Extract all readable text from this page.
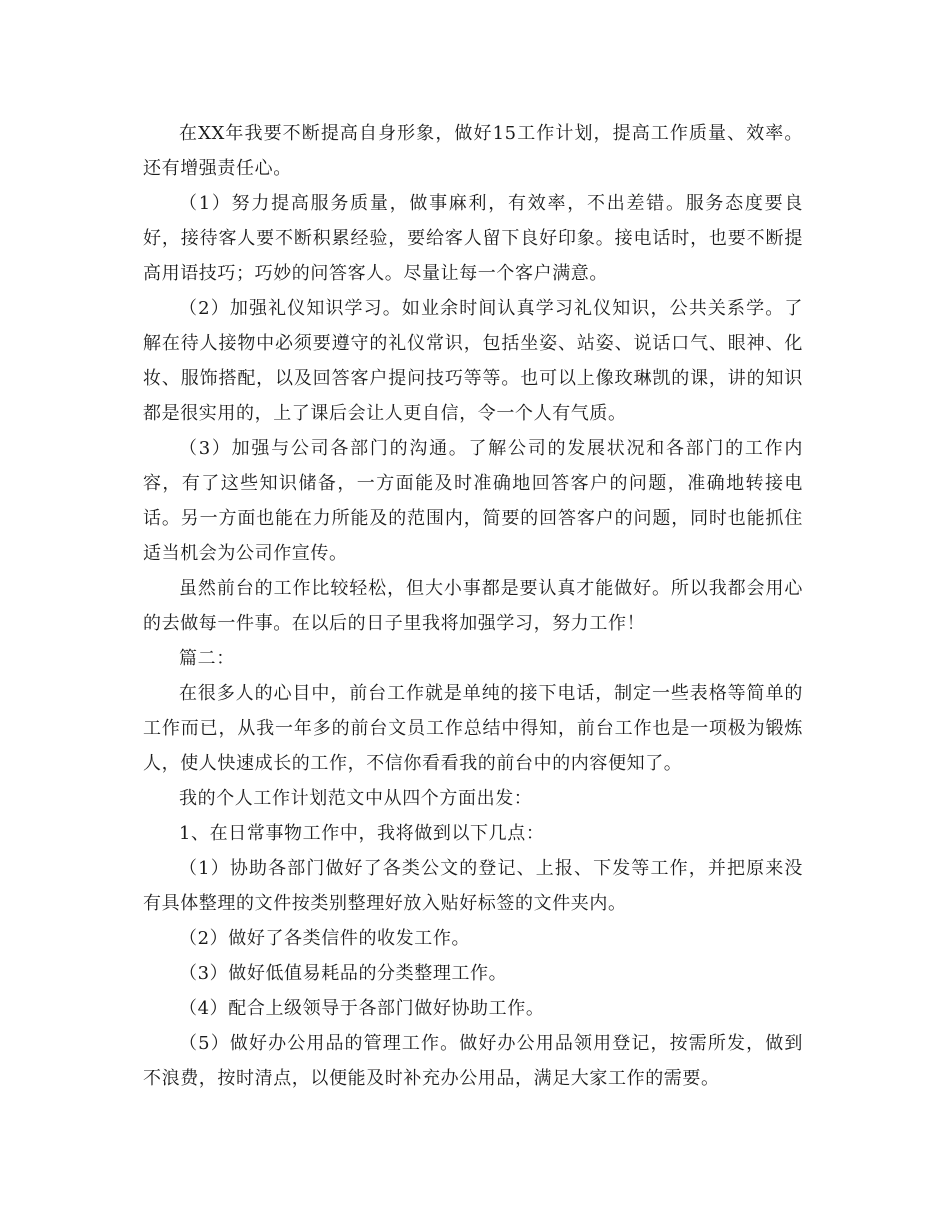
在XX年我要不断提高自身形象，做好15工作计划，提高工作质量、效率。还有增强责任心。

（1）努力提高服务质量，做事麻利，有效率，不出差错。服务态度要良好，接待客人要不断积累经验，要给客人留下良好印象。接电话时，也要不断提高用语技巧；巧妙的问答客人。尽量让每一个客户满意。

（2）加强礼仪知识学习。如业余时间认真学习礼仪知识，公共关系学。了解在待人接物中必须要遵守的礼仪常识，包括坐姿、站姿、说话口气、眼神、化妆、服饰搭配，以及回答客户提问技巧等等。也可以上像玫琳凯的课，讲的知识都是很实用的，上了课后会让人更自信，令一个人有气质。

（3）加强与公司各部门的沟通。了解公司的发展状况和各部门的工作内容，有了这些知识储备，一方面能及时准确地回答客户的问题，准确地转接电话。另一方面也能在力所能及的范围内，简要的回答客户的问题，同时也能抓住适当机会为公司作宣传。

虽然前台的工作比较轻松，但大小事都是要认真才能做好。所以我都会用心的去做每一件事。在以后的日子里我将加强学习，努力工作！

篇二：

在很多人的心目中，前台工作就是单纯的接下电话，制定一些表格等简单的工作而已，从我一年多的前台文员工作总结中得知，前台工作也是一项极为锻炼人，使人快速成长的工作，不信你看看我的前台中的内容便知了。

我的个人工作计划范文中从四个方面出发：

1、在日常事物工作中，我将做到以下几点：

（1）协助各部门做好了各类公文的登记、上报、下发等工作，并把原来没有具体整理的文件按类别整理好放入贴好标签的文件夹内。

（2）做好了各类信件的收发工作。

（3）做好低值易耗品的分类整理工作。

（4）配合上级领导于各部门做好协助工作。

（5）做好办公用品的管理工作。做好办公用品领用登记，按需所发，做到不浪费，按时清点，以便能及时补充办公用品，满足大家工作的需要。
